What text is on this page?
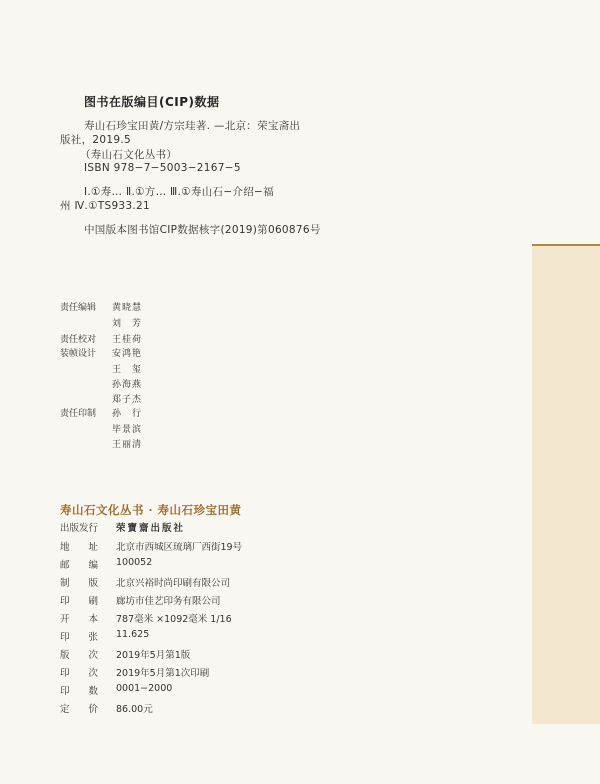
图书在版编目(CIP)数据
寿山石珍宝田黄/方宗珪著. —北京：荣宝斋出
版社，2019.5
（寿山石文化丛书）
ISBN 978−7−5003−2167−5
Ⅰ.①寿… Ⅱ.①方… Ⅲ.①寿山石−介绍−福
州 Ⅳ.①TS933.21
中国版本图书馆CIP数据核字(2019)第060876号
责任编辑 黄晓慧
刘　芳
责任校对 王桂荷
装帧设计 安鸿艳
王　玺
孙海燕
郑子杰
责任印制 孙　行
毕景滨
王丽清
寿山石文化丛书 · 寿山石珍宝田黄
出版发行	荣寶齋出版社
地　　址	北京市西城区琉璃厂西街19号
邮　　编	100052
制　　版	北京兴裕时尚印刷有限公司
印　　刷	廊坊市佳艺印务有限公司
开　　本	787毫米 ×1092毫米 1/16
印　　张	11.625
版　　次	2019年5月第1版
印　　次	2019年5月第1次印刷
印　　数	0001−2000
定　　价	86.00元
